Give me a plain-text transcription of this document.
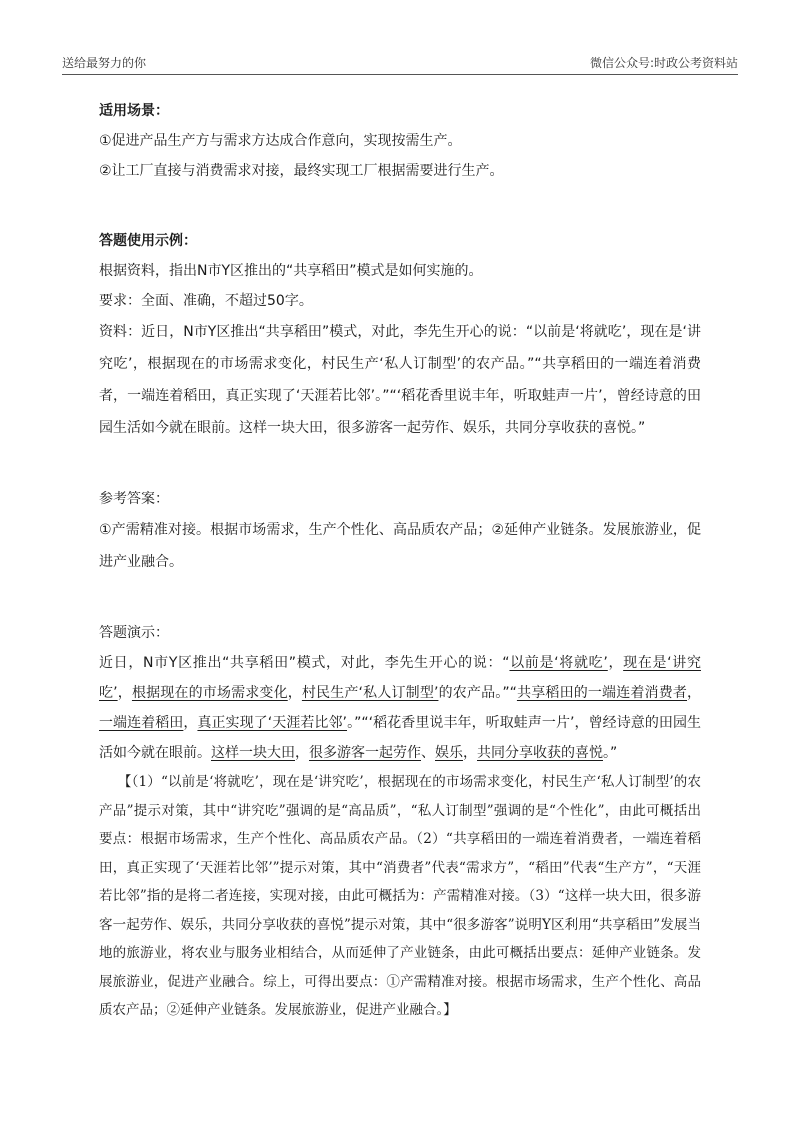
送给最努力的你	微信公众号:时政公考资料站

适用场景：

①促进产品生产方与需求方达成合作意向，实现按需生产。

②让工厂直接与消费需求对接，最终实现工厂根据需要进行生产。

答题使用示例：

根据资料，指出N市Y区推出的“共享稻田”模式是如何实施的。

要求：全面、准确，不超过50字。

资料：近日，N市Y区推出“共享稻田”模式，对此，李先生开心的说：“以前是‘将就吃’，现在是‘讲究吃’，根据现在的市场需求变化，村民生产‘私人订制型’的农产品。”“共享稻田的一端连着消费者，一端连着稻田，真正实现了‘天涯若比邻’。”“‘稻花香里说丰年，听取蛙声一片’，曾经诗意的田园生活如今就在眼前。这样一块大田，很多游客一起劳作、娱乐，共同分享收获的喜悦。”

参考答案：

①产需精准对接。根据市场需求，生产个性化、高品质农产品；②延伸产业链条。发展旅游业，促进产业融合。

答题演示：

近日，N市Y区推出“共享稻田”模式，对此，李先生开心的说：“以前是‘将就吃’，现在是‘讲究吃’，根据现在的市场需求变化，村民生产‘私人订制型’的农产品。”“共享稻田的一端连着消费者，一端连着稻田，真正实现了‘天涯若比邻’。”“‘稻花香里说丰年，听取蛙声一片’，曾经诗意的田园生活如今就在眼前。这样一块大田，很多游客一起劳作、娱乐，共同分享收获的喜悦。”

【（1）“以前是‘将就吃’，现在是‘讲究吃’，根据现在的市场需求变化，村民生产‘私人订制型’的农产品”提示对策，其中“讲究吃”强调的是“高品质”，“私人订制型”强调的是“个性化”，由此可概括出要点：根据市场需求，生产个性化、高品质农产品。（2）“共享稻田的一端连着消费者，一端连着稻田，真正实现了‘天涯若比邻’”提示对策，其中“消费者”代表“需求方”，“稻田”代表“生产方”，“天涯若比邻”指的是将二者连接，实现对接，由此可概括为：产需精准对接。（3）“这样一块大田，很多游客一起劳作、娱乐，共同分享收获的喜悦”提示对策，其中“很多游客”说明Y区利用“共享稻田”发展当地的旅游业，将农业与服务业相结合，从而延伸了产业链条，由此可概括出要点：延伸产业链条。发展旅游业，促进产业融合。综上，可得出要点：①产需精准对接。根据市场需求，生产个性化、高品质农产品；②延伸产业链条。发展旅游业，促进产业融合。】
